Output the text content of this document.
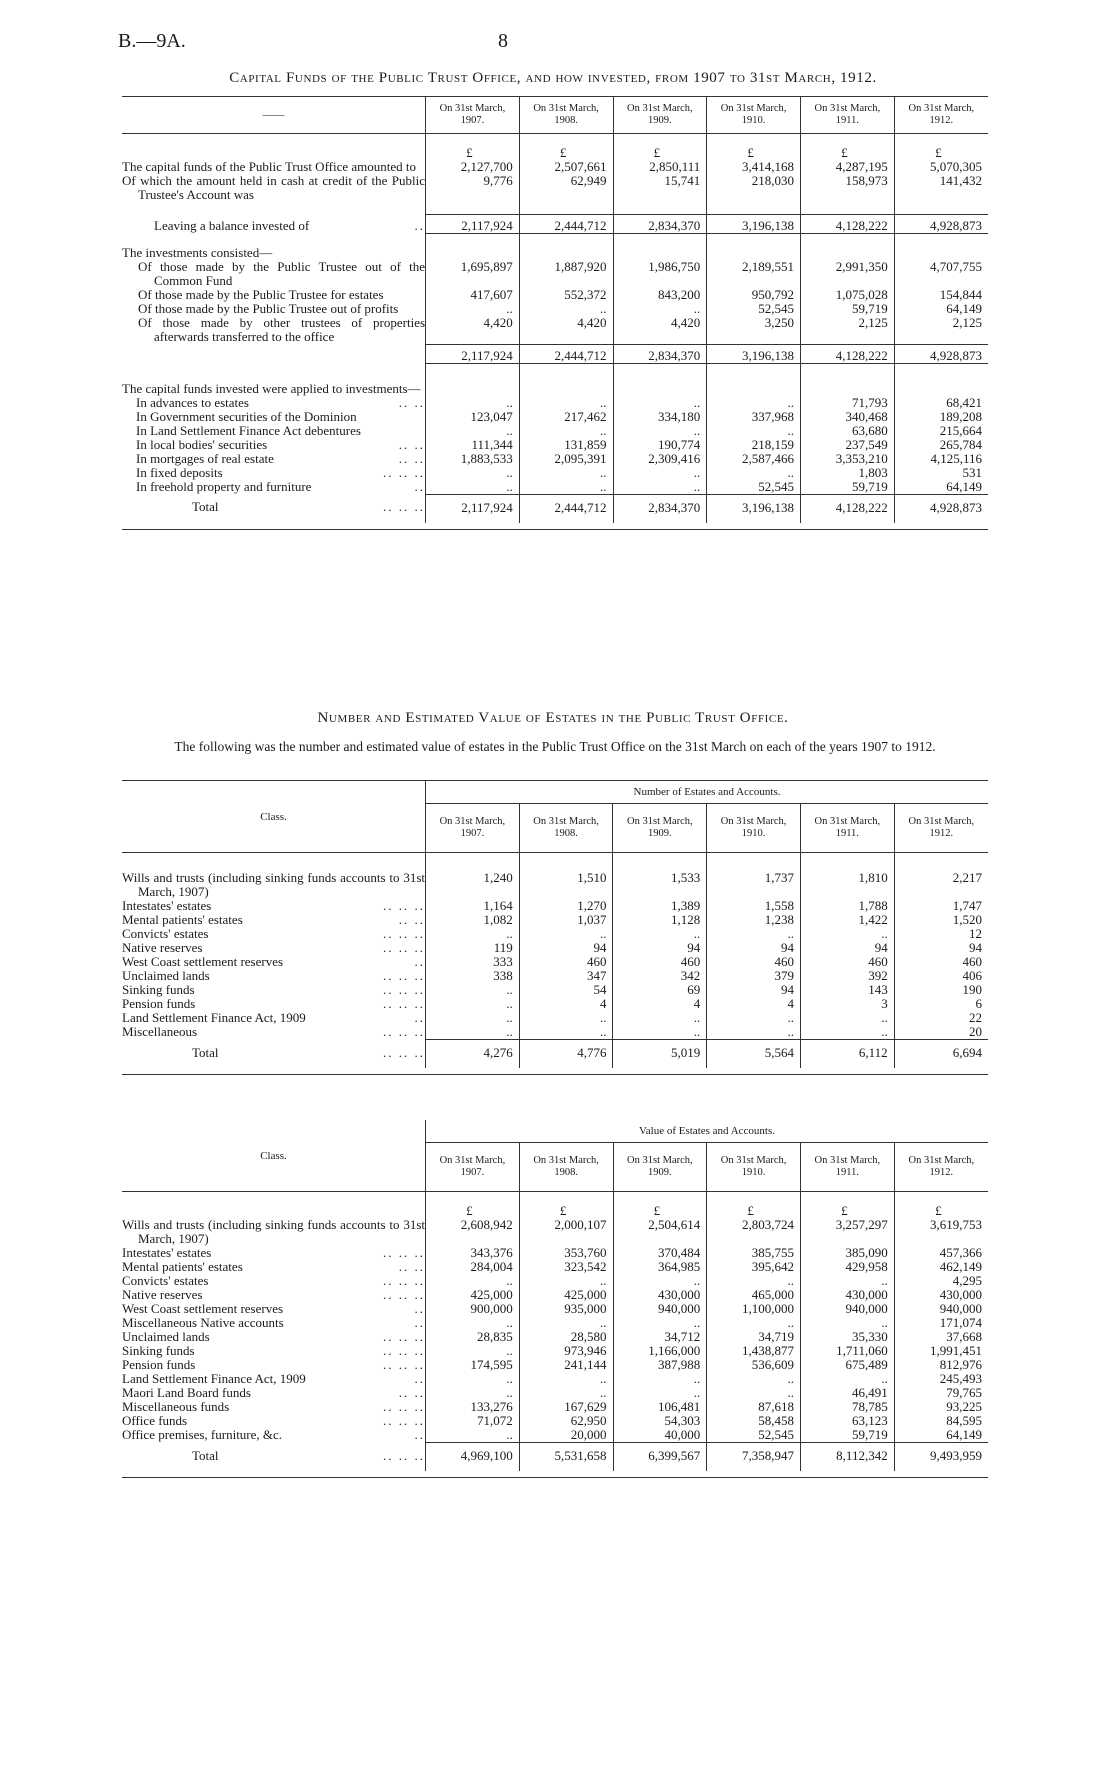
B.—9A.	8
Capital Funds of the Public Trust Office, and how invested, from 1907 to 31st March, 1912.
——	On 31st March, 1907.	On 31st March, 1908.	On 31st March, 1909.	On 31st March, 1910.	On 31st March, 1911.	On 31st March, 1912.

	£	£	£	£	£	£
The capital funds of the Public Trust Office amounted to	2,127,700	2,507,661	2,850,111	3,414,168	4,287,195	5,070,305
Of which the amount held in cash at credit of the Public Trustee's Account was	9,776	62,949	15,741	218,030	158,973	141,432

Leaving a balance invested of ..	2,117,924	2,444,712	2,834,370	3,196,138	4,128,222	4,928,873

The investments consisted—						
Of those made by the Public Trustee out of the Common Fund	1,695,897	1,887,920	1,986,750	2,189,551	2,991,350	4,707,755
Of those made by the Public Trustee for estates	417,607	552,372	843,200	950,792	1,075,028	154,844
Of those made by the Public Trustee out of profits	..	..	..	52,545	59,719	64,149
Of those made by other trustees of properties afterwards transferred to the office	4,420	4,420	4,420	3,250	2,125	2,125
	2,117,924	2,444,712	2,834,370	3,196,138	4,128,222	4,928,873

The capital funds invested were applied to investments—						
In advances to estates .. ..	..	..	..	..	71,793	68,421
In Government securities of the Dominion	123,047	217,462	334,180	337,968	340,468	189,208
In Land Settlement Finance Act debentures	..	..	..	..	63,680	215,664
In local bodies' securities .. ..	111,344	131,859	190,774	218,159	237,549	265,784
In mortgages of real estate .. ..	1,883,533	2,095,391	2,309,416	2,587,466	3,353,210	4,125,116
In fixed deposits .. .. ..	..	..	..	..	1,803	531
In freehold property and furniture ..	..	..	..	52,545	59,719	64,149
Total .. .. ..	2,117,924	2,444,712	2,834,370	3,196,138	4,128,222	4,928,873

Number and Estimated Value of Estates in the Public Trust Office.
The following was the number and estimated value of estates in the Public Trust Office on the 31st March on each of the years 1907 to 1912.
Class.	Number of Estates and Accounts.					
	On 31st March, 1907.	On 31st March, 1908.	On 31st March, 1909.	On 31st March, 1910.	On 31st March, 1911.	On 31st March, 1912.

Wills and trusts (including sinking funds accounts to 31st March, 1907)	1,240	1,510	1,533	1,737	1,810	2,217
Intestates' estates .. .. ..	1,164	1,270	1,389	1,558	1,788	1,747
Mental patients' estates .. ..	1,082	1,037	1,128	1,238	1,422	1,520
Convicts' estates .. .. ..	..	..	..	..	..	12
Native reserves .. .. ..	119	94	94	94	94	94
West Coast settlement reserves ..	333	460	460	460	460	460
Unclaimed lands .. .. ..	338	347	342	379	392	406
Sinking funds .. .. ..	..	54	69	94	143	190
Pension funds .. .. ..	..	4	4	4	3	6
Land Settlement Finance Act, 1909 ..	..	..	..	..	..	22
Miscellaneous .. .. ..	..	..	..	..	..	20
Total .. .. ..	4,276	4,776	5,019	5,564	6,112	6,694

Class.	Value of Estates and Accounts.					
	On 31st March, 1907.	On 31st March, 1908.	On 31st March, 1909.	On 31st March, 1910.	On 31st March, 1911.	On 31st March, 1912.

	£	£	£	£	£	£
Wills and trusts (including sinking funds accounts to 31st March, 1907)	2,608,942	2,000,107	2,504,614	2,803,724	3,257,297	3,619,753
Intestates' estates .. .. ..	343,376	353,760	370,484	385,755	385,090	457,366
Mental patients' estates .. ..	284,004	323,542	364,985	395,642	429,958	462,149
Convicts' estates .. .. ..	..	..	..	..	..	4,295
Native reserves .. .. ..	425,000	425,000	430,000	465,000	430,000	430,000
West Coast settlement reserves ..	900,000	935,000	940,000	1,100,000	940,000	940,000
Miscellaneous Native accounts ..	..	..	..	..	..	171,074
Unclaimed lands .. .. ..	28,835	28,580	34,712	34,719	35,330	37,668
Sinking funds .. .. ..	..	973,946	1,166,000	1,438,877	1,711,060	1,991,451
Pension funds .. .. ..	174,595	241,144	387,988	536,609	675,489	812,976
Land Settlement Finance Act, 1909 ..	..	..	..	..	..	245,493
Maori Land Board funds .. ..	..	..	..	..	46,491	79,765
Miscellaneous funds .. .. ..	133,276	167,629	106,481	87,618	78,785	93,225
Office funds .. .. ..	71,072	62,950	54,303	58,458	63,123	84,595
Office premises, furniture, &c. ..	..	20,000	40,000	52,545	59,719	64,149
Total .. .. ..	4,969,100	5,531,658	6,399,567	7,358,947	8,112,342	9,493,959
